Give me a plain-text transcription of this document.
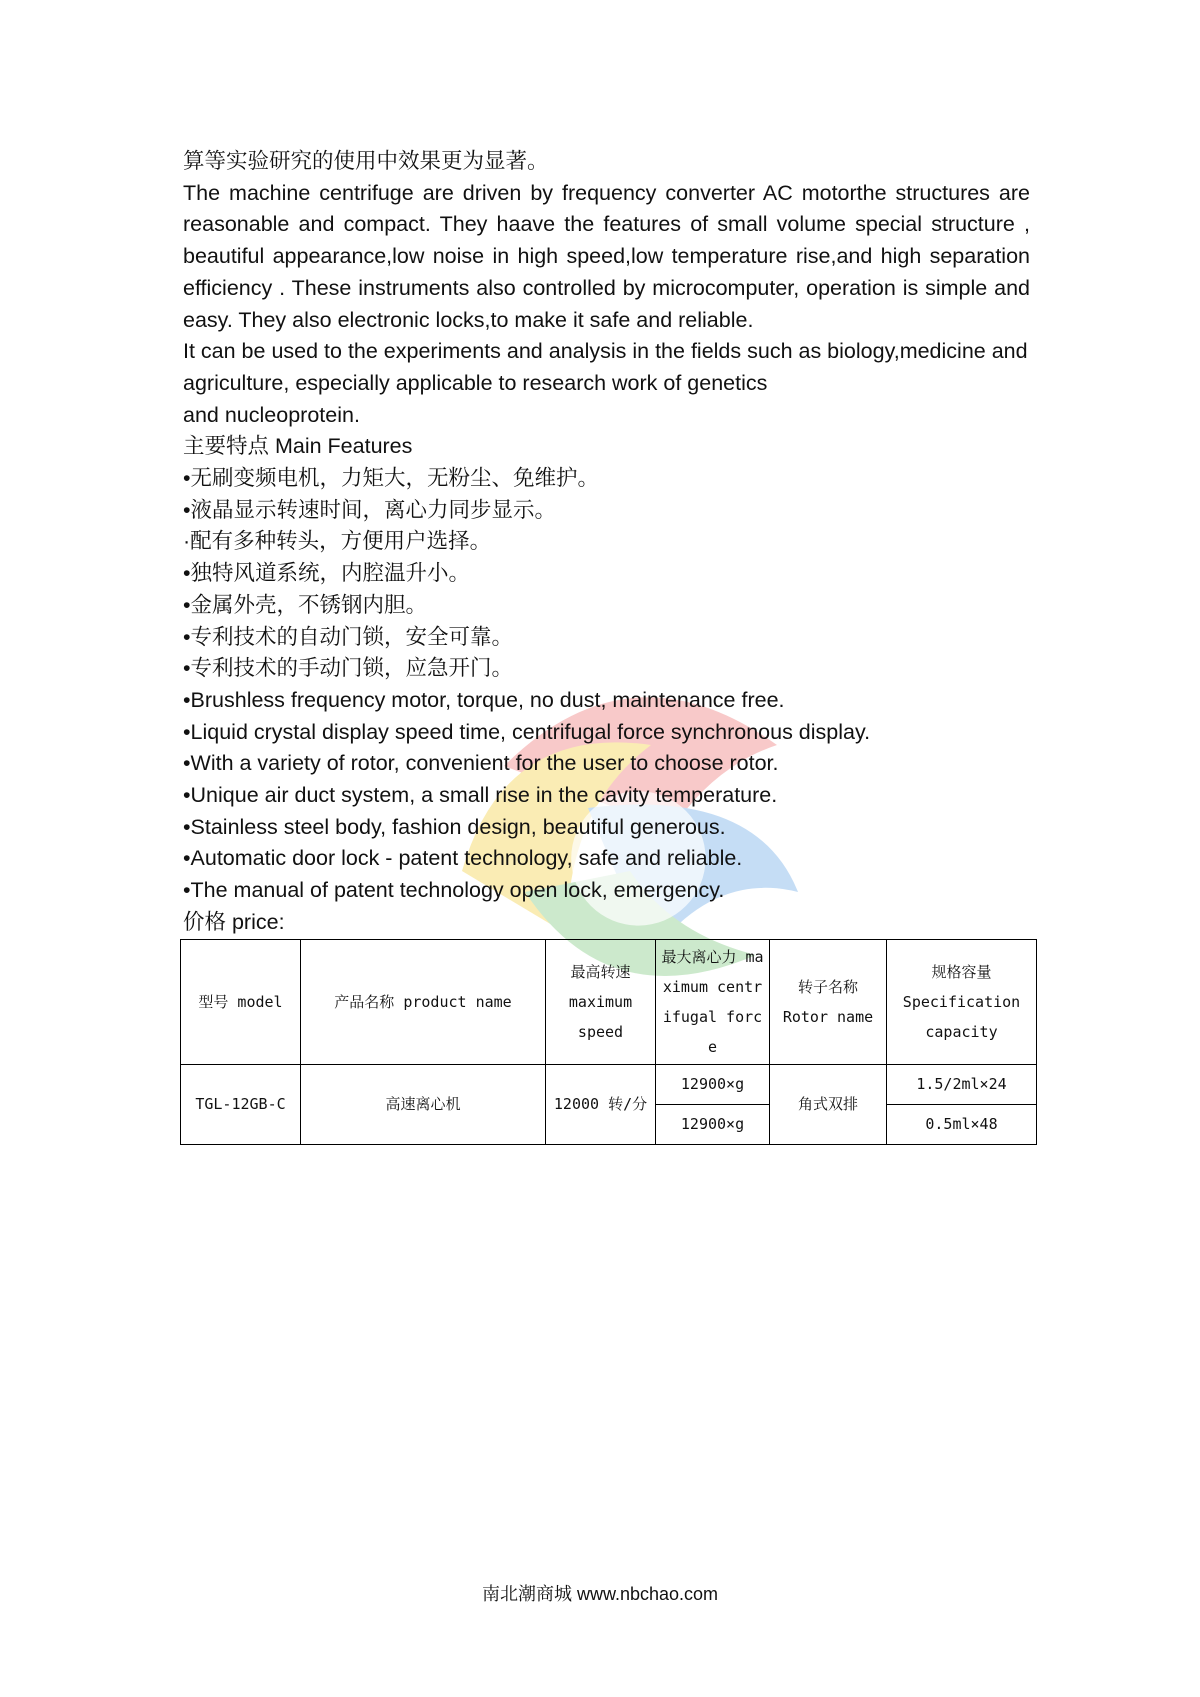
算等实验研究的使用中效果更为显著。

The machine centrifuge are driven by frequency converter AC motorthe structures are reasonable and compact. They haave the features of small volume special structure , beautiful appearance,low noise in high speed,low temperature rise,and high separation efficiency . These instruments also controlled by microcomputer, operation is simple and easy. They also electronic locks,to make it safe and reliable.

It can be used to the experiments and analysis in the fields such as biology,medicine and agriculture, especially applicable to research work of genetics

and nucleoprotein.

主要特点 Main Features

•无刷变频电机，力矩大，无粉尘、免维护。
•液晶显示转速时间，离心力同步显示。
·配有多种转头，方便用户选择。
•独特风道系统，内腔温升小。
•金属外壳，不锈钢内胆。
•专利技术的自动门锁，安全可靠。
•专利技术的手动门锁，应急开门。
•Brushless frequency motor, torque, no dust, maintenance free.
•Liquid crystal display speed time, centrifugal force synchronous display.
•With a variety of rotor, convenient for the user to choose rotor.
•Unique air duct system, a small rise in the cavity temperature.
•Stainless steel body, fashion design, beautiful generous.
•Automatic door lock - patent technology, safe and reliable.
•The manual of patent technology open lock, emergency.

价格 price:

型号 model	产品名称 product name	最高转速 maximum speed	最大离心力 maximum centrifugal force	转子名称 Rotor name	规格容量 Specification capacity
TGL-12GB-C	高速离心机	12000 转/分	12900×g	角式双排	1.5/2ml×24
			12900×g		0.5ml×48
南北潮商城 www.nbchao.com
